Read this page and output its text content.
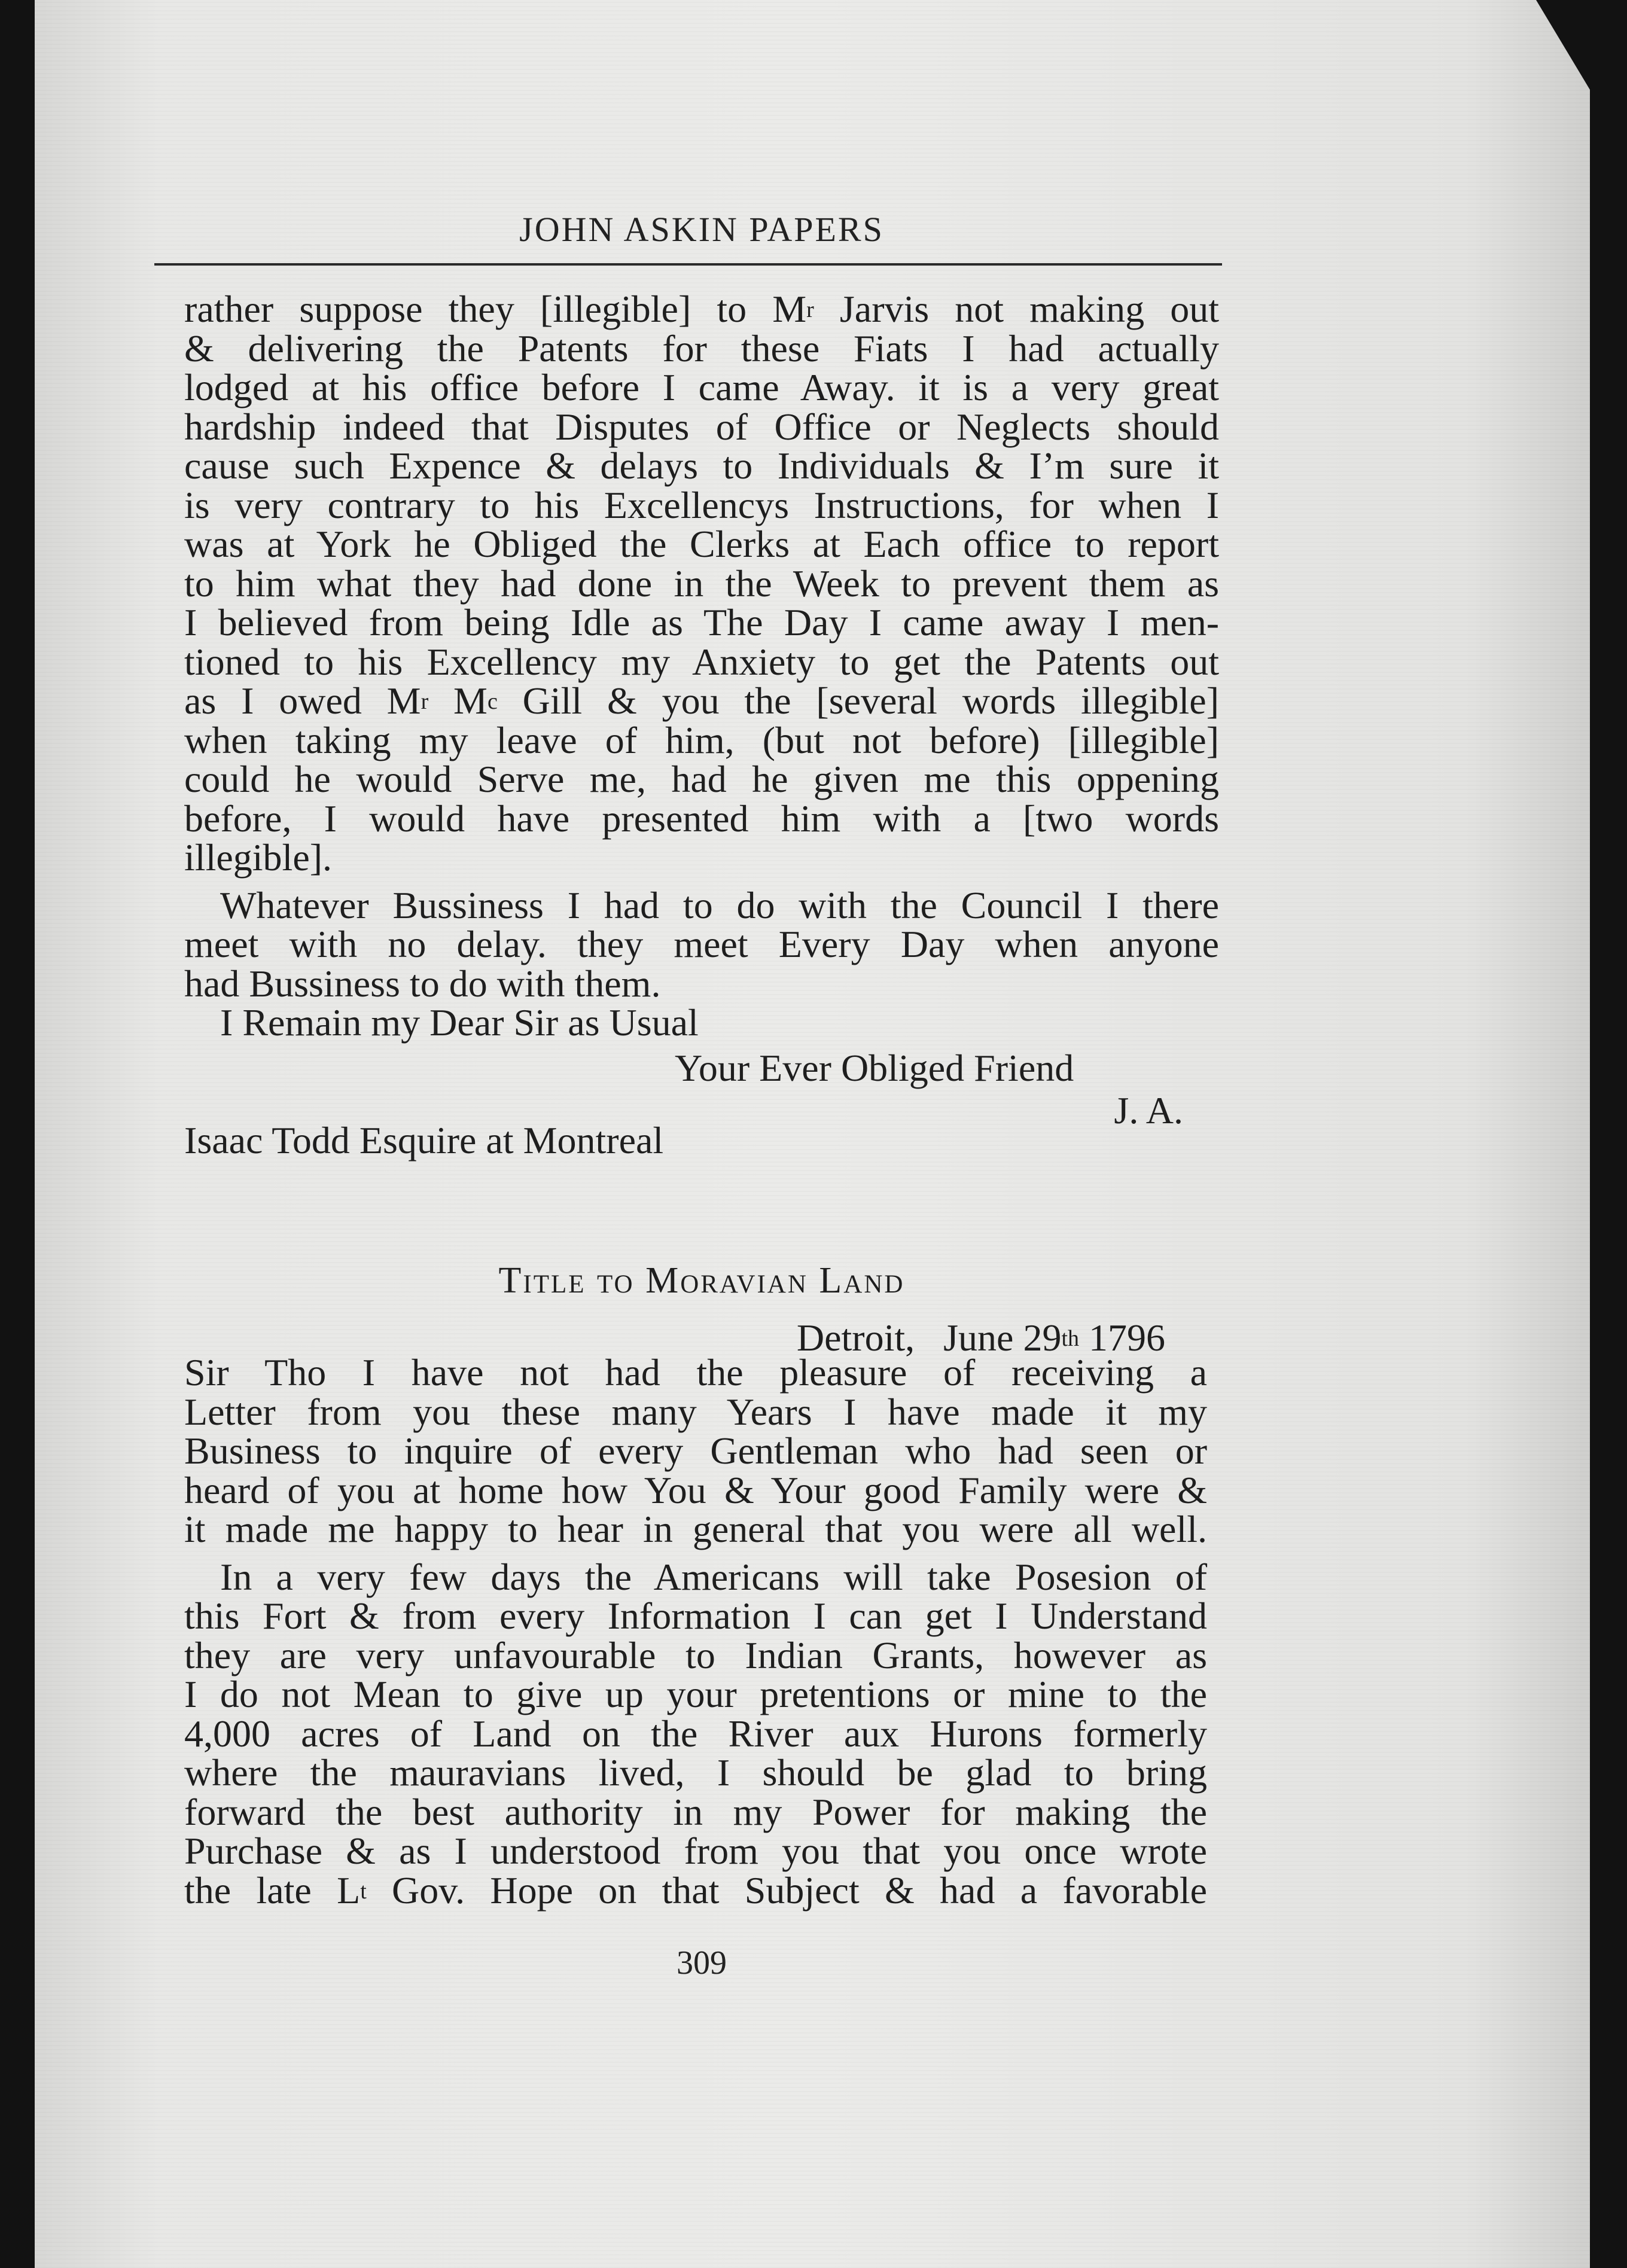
JOHN ASKIN PAPERS

rather suppose they [illegible] to $M^r$ Jarvis not making out
& delivering the Patents for these Fiats I had actually
lodged at his office before I came Away. it is a very great
hardship indeed that Disputes of Office or Neglects should
cause such Expence & delays to Individuals & I’m sure it
is very contrary to his Excellencys Instructions, for when I
was at York he Obliged the Clerks at Each office to report
to him what they had done in the Week to prevent them as
I believed from being Idle as The Day I came away I men-
tioned to his Excellency my Anxiety to get the Patents out
as I owed $M^r$ $M^c$ Gill & you the [several words illegible]
when taking my leave of him, (but not before) [illegible]
could he would Serve me, had he given me this oppening
before, I would have presented him with a [two words
illegible].

Whatever Bussiness I had to do with the Council I there
meet with no delay. they meet Every Day when anyone
had Bussiness to do with them.

I Remain my Dear Sir as Usual

Your Ever Obliged Friend

J. A.

Isaac Todd Esquire at Montreal

Title to Moravian Land
Detroit, June 29th 1796

Sir Tho I have not had the pleasure of receiving a
Letter from you these many Years I have made it my
Business to inquire of every Gentleman who had seen or
heard of you at home how You & Your good Family were &
it made me happy to hear in general that you were all well.

In a very few days the Americans will take Posesion of
this Fort & from every Information I can get I Understand
they are very unfavourable to Indian Grants, however as
I do not Mean to give up your pretentions or mine to the
4,000 acres of Land on the River aux Hurons formerly
where the mauravians lived, I should be glad to bring
forward the best authority in my Power for making the
Purchase & as I understood from you that you once wrote
the late $L^t$ Gov. Hope on that Subject & had a favorable

309
